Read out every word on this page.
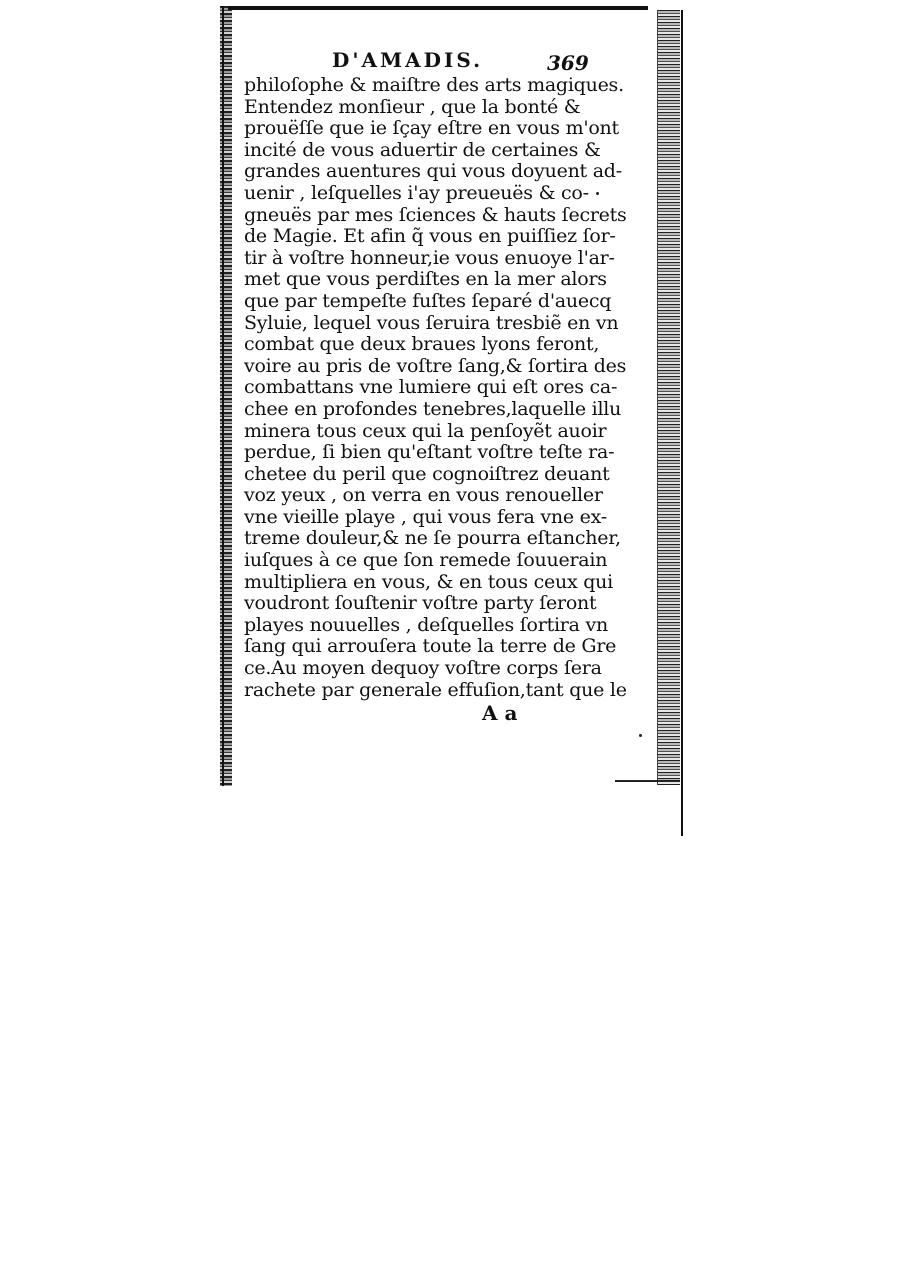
D'AMADIS.	369
philoſophe & maiſtre des arts magiques.
Entendez monſieur , que la bonté &
prouëſſe que ie ſçay eſtre en vous m'ont
incité de vous aduertir de certaines &
grandes auentures qui vous doyuent ad-
uenir , leſquelles i'ay preueuës & co-
gneuës par mes ſciences & hauts ſecrets
de Magie. Et afin q̃ vous en puiſſiez ſor-
tir à voſtre honneur,ie vous enuoye l'ar-
met que vous perdiſtes en la mer alors
que par tempeſte fuſtes ſeparé d'auecq
Syluie, lequel vous ſeruira tresbiẽ en vn
combat que deux braues lyons feront,
voire au pris de voſtre ſang,& ſortira des
combattans vne lumiere qui eſt ores ca-
chee en profondes tenebres,laquelle illu
minera tous ceux qui la penſoyẽt auoir
perdue, ſi bien qu'eſtant voſtre teſte ra-
chetee du peril que cognoiſtrez deuant
voz yeux , on verra en vous renoueller
vne vieille playe , qui vous fera vne ex-
treme douleur,& ne ſe pourra eſtancher,
iuſques à ce que ſon remede ſouuerain
multipliera en vous, & en tous ceux qui
voudront ſouſtenir voſtre party ſeront
playes nouuelles , deſquelles ſortira vn
ſang qui arrouſera toute la terre de Gre
ce.Au moyen dequoy voſtre corps ſera
rachete par generale effuſion,tant que le
A a
